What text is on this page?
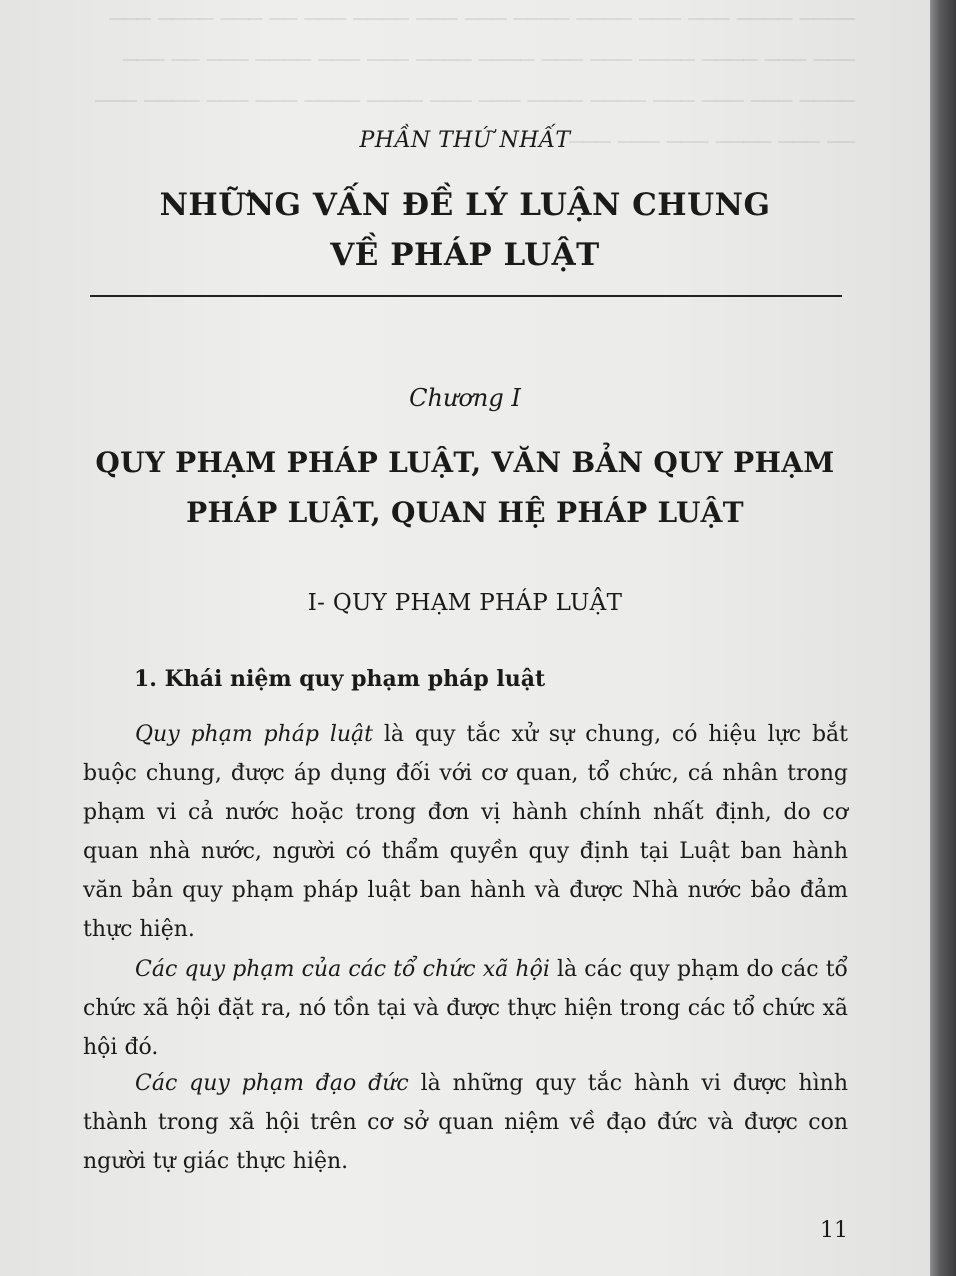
──── ──── ─── ─── ──── ──── ─── ─── ──── ─── ── ─── ──── ─── ─── ─── ──── ──── ─── ─── ──── ──── ─── ─── ──── ─── ── ─── ──── ─── ─── ─── ──── ──── ─── ─── ──── ──── ─── ─── ──── ─── ── ─── ──── ─── ─── ───
PHẦN THỨ NHẤT
NHỮNG VẤN ĐỀ LÝ LUẬN CHUNG
VỀ PHÁP LUẬT
Chương I
QUY PHẠM PHÁP LUẬT, VĂN BẢN QUY PHẠM
PHÁP LUẬT, QUAN HỆ PHÁP LUẬT
I- QUY PHẠM PHÁP LUẬT
1. Khái niệm quy phạm pháp luật

Quy phạm pháp luật là quy tắc xử sự chung, có hiệu lực bắt buộc chung, được áp dụng đối với cơ quan, tổ chức, cá nhân trong phạm vi cả nước hoặc trong đơn vị hành chính nhất định, do cơ quan nhà nước, người có thẩm quyền quy định tại Luật ban hành văn bản quy phạm pháp luật ban hành và được Nhà nước bảo đảm thực hiện.

Các quy phạm của các tổ chức xã hội là các quy phạm do các tổ chức xã hội đặt ra, nó tồn tại và được thực hiện trong các tổ chức xã hội đó.

Các quy phạm đạo đức là những quy tắc hành vi được hình thành trong xã hội trên cơ sở quan niệm về đạo đức và được con người tự giác thực hiện.

11
